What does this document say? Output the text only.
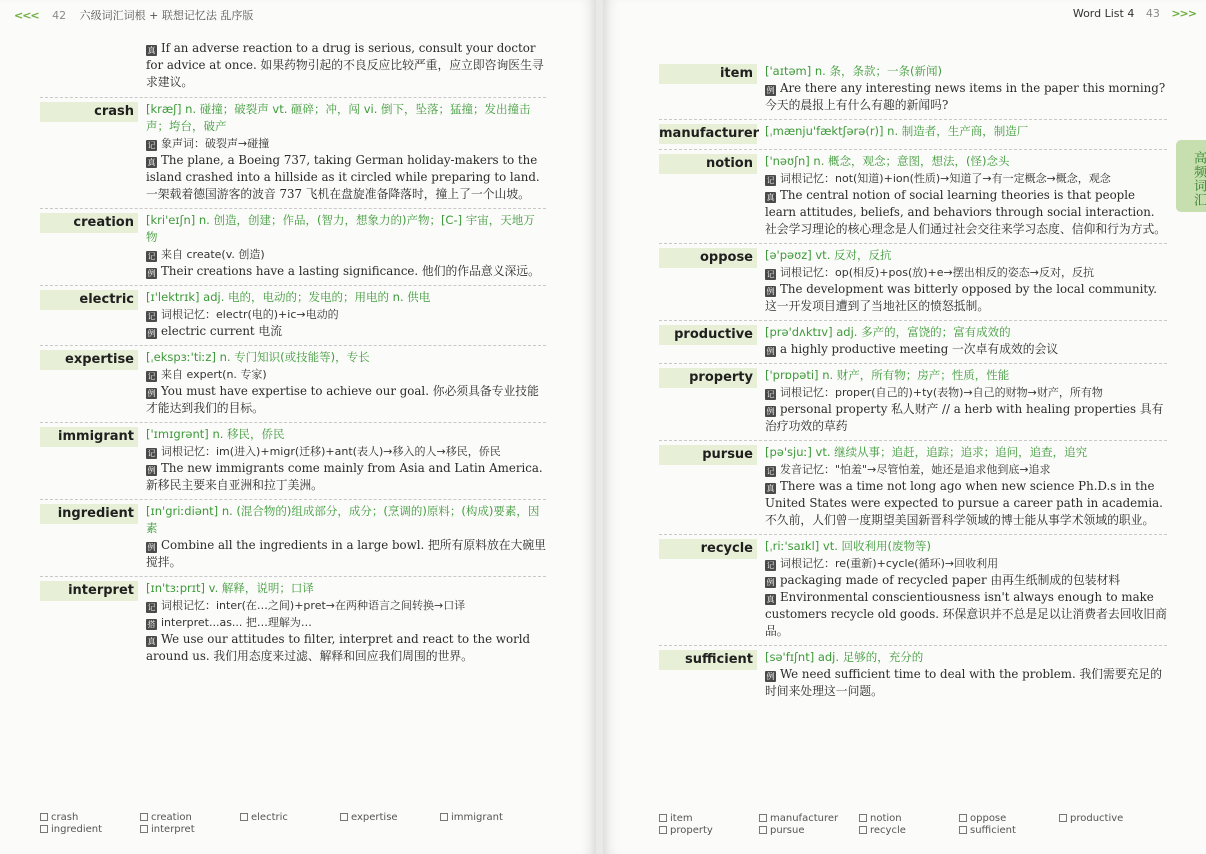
<<< 42 六级词汇词根 + 联想记忆法 乱序版
真 If an adverse reaction to a drug is serious, consult your doctor for advice at once. 如果药物引起的不良反应比较严重，应立即咨询医生寻求建议。
crash	[kræʃ] n. 碰撞；破裂声 vt. 砸碎；冲，闯 vi. 倒下，坠落；猛撞；发出撞击声；垮台，破产
记 象声词：破裂声→碰撞
真 The plane, a Boeing 737, taking German holiday-makers to the island crashed into a hillside as it circled while preparing to land. 一架载着德国游客的波音 737 飞机在盘旋准备降落时，撞上了一个山坡。
creation	[kri'eɪʃn] n. 创造，创建；作品，(智力，想象力的)产物；[C-] 宇宙，天地万物
记 来自 create(v. 创造)
例 Their creations have a lasting significance. 他们的作品意义深远。
electric	[ɪ'lektrɪk] adj. 电的，电动的；发电的；用电的 n. 供电
记 词根记忆：electr(电的)+ic→电动的
例 electric current 电流
expertise	[ˌekspɜː'tiːz] n. 专门知识(或技能等)，专长
记 来自 expert(n. 专家)
例 You must have expertise to achieve our goal. 你必须具备专业技能才能达到我们的目标。
immigrant	['ɪmɪgrənt] n. 移民，侨民
记 词根记忆：im(进入)+migr(迁移)+ant(表人)→移入的人→移民，侨民
例 The new immigrants come mainly from Asia and Latin America. 新移民主要来自亚洲和拉丁美洲。
ingredient	[ɪn'griːdiənt] n. (混合物的)组成部分，成分；(烹调的)原料；(构成)要素，因素
例 Combine all the ingredients in a large bowl. 把所有原料放在大碗里搅拌。
interpret	[ɪn'tɜːprɪt] v. 解释，说明；口译
记 词根记忆：inter(在…之间)+pret→在两种语言之间转换→口译
搭 interpret...as... 把…理解为…
真 We use our attitudes to filter, interpret and react to the world around us. 我们用态度来过滤、解释和回应我们周围的世界。
crash	creation	electric	expertise	immigrant
ingredient	interpret
Word List 4 43 >>>
item	['aɪtəm] n. 条，条款；一条(新闻)
例 Are there any interesting news items in the paper this morning? 今天的晨报上有什么有趣的新闻吗?
manufacturer [ˌmænju'fæktʃərə(r)] n. 制造者，生产商，制造厂
notion	['nəʊʃn] n. 概念，观念；意图，想法，(怪)念头
记 词根记忆：not(知道)+ion(性质)→知道了→有一定概念→概念，观念
真 The central notion of social learning theories is that people learn attitudes, beliefs, and behaviors through social interaction. 社会学习理论的核心理念是人们通过社会交往来学习态度、信仰和行为方式。
oppose	[ə'pəʊz] vt. 反对，反抗
记 词根记忆：op(相反)+pos(放)+e→摆出相反的姿态→反对，反抗
例 The development was bitterly opposed by the local community. 这一开发项目遭到了当地社区的愤怒抵制。
productive	[prə'dʌktɪv] adj. 多产的，富饶的；富有成效的
例 a highly productive meeting 一次卓有成效的会议
property	['prɒpəti] n. 财产，所有物；房产；性质，性能
记 词根记忆：proper(自己的)+ty(表物)→自己的财物→财产，所有物
例 personal property 私人财产 // a herb with healing properties 具有治疗功效的草药
pursue	[pə'sjuː] vt. 继续从事；追赶，追踪；追求；追问，追查，追究
记 发音记忆："怕羞"→尽管怕羞，她还是追求他到底→追求
真 There was a time not long ago when new science Ph.D.s in the United States were expected to pursue a career path in academia. 不久前，人们曾一度期望美国新晋科学领域的博士能从事学术领域的职业。
recycle	[ˌriː'saɪkl] vt. 回收利用(废物等)
记 词根记忆：re(重新)+cycle(循环)→回收利用
例 packaging made of recycled paper 由再生纸制成的包装材料
真 Environmental conscientiousness isn't always enough to make customers recycle old goods. 环保意识并不总是足以让消费者去回收旧商品。
sufficient	[sə'fɪʃnt] adj. 足够的，充分的
例 We need sufficient time to deal with the problem. 我们需要充足的时间来处理这一问题。
高频词汇
item	manufacturer	notion	oppose	productive
property	pursue	recycle	sufficient
